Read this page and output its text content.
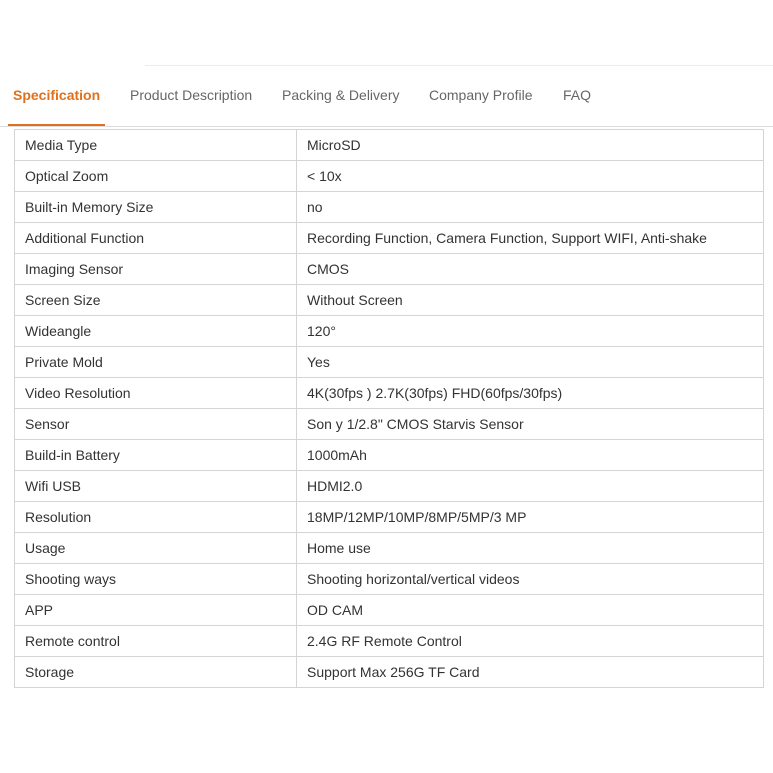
Specification Product Description Packing & Delivery Company Profile FAQ
Media Type	MicroSD
Optical Zoom	< 10x
Built-in Memory Size	no
Additional Function	Recording Function, Camera Function, Support WIFI, Anti-shake
Imaging Sensor	CMOS
Screen Size	Without Screen
Wideangle	120°
Private Mold	Yes
Video Resolution	4K(30fps ) 2.7K(30fps) FHD(60fps/30fps)
Sensor	Son y 1/2.8" CMOS Starvis Sensor
Build-in Battery	1000mAh
Wifi USB	HDMI2.0
Resolution	18MP/12MP/10MP/8MP/5MP/3 MP
Usage	Home use
Shooting ways	Shooting horizontal/vertical videos
APP	OD CAM
Remote control	2.4G RF Remote Control
Storage	Support Max 256G TF Card
